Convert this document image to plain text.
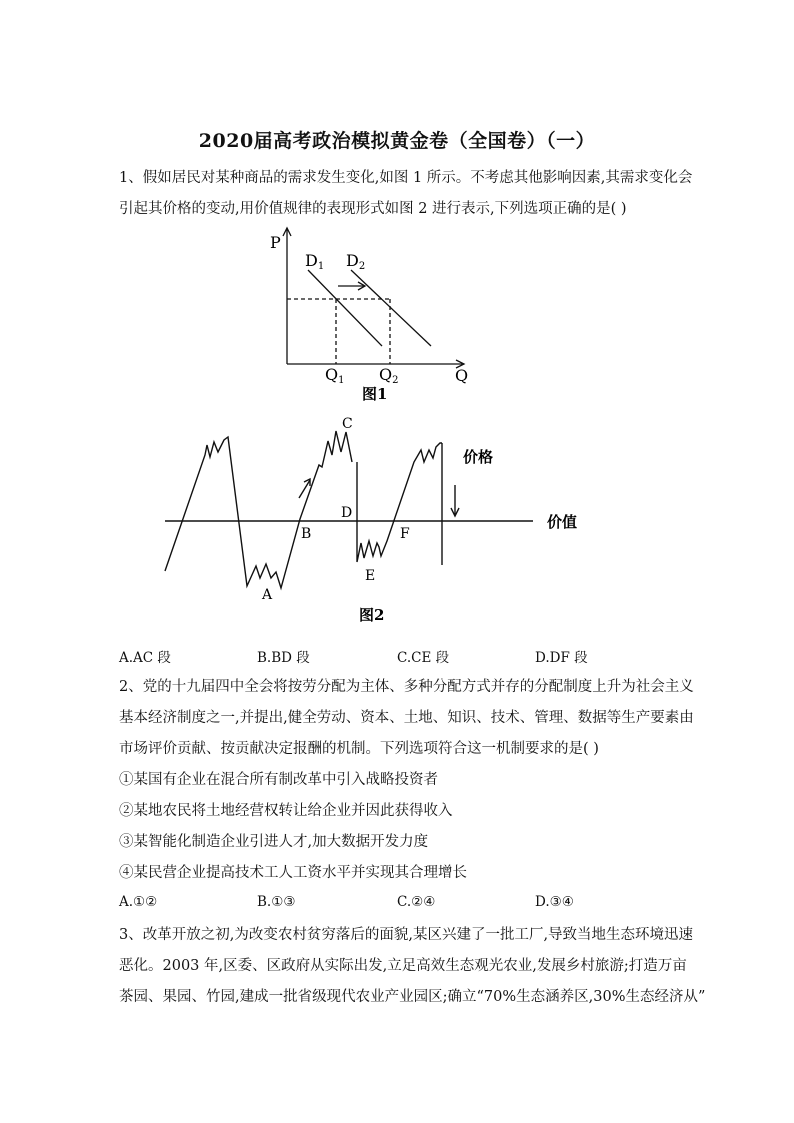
2020届高考政治模拟黄金卷（全国卷）（一）
1、假如居民对某种商品的需求发生变化,如图 1 所示。不考虑其他影响因素,其需求变化会
引起其价格的变动,用价值规律的表现形式如图 2 进行表示,下列选项正确的是( )
P
Q
D1 D2
Q1 Q2
图1
A
B
C
D
E
F
价格
价值
图2
A.AC 段	B.BD 段	C.CE 段	D.DF 段
2、党的十九届四中全会将按劳分配为主体、多种分配方式并存的分配制度上升为社会主义
基本经济制度之一,并提出,健全劳动、资本、土地、知识、技术、管理、数据等生产要素由
市场评价贡献、按贡献决定报酬的机制。下列选项符合这一机制要求的是( )
①某国有企业在混合所有制改革中引入战略投资者
②某地农民将土地经营权转让给企业并因此获得收入
③某智能化制造企业引进人才,加大数据开发力度
④某民营企业提高技术工人工资水平并实现其合理增长
A.①②	B.①③	C.②④	D.③④
3、改革开放之初,为改变农村贫穷落后的面貌,某区兴建了一批工厂,导致当地生态环境迅速
恶化。2003 年,区委、区政府从实际出发,立足高效生态观光农业,发展乡村旅游;打造万亩
茶园、果园、竹园,建成一批省级现代农业产业园区;确立“70%生态涵养区,30%生态经济从”
